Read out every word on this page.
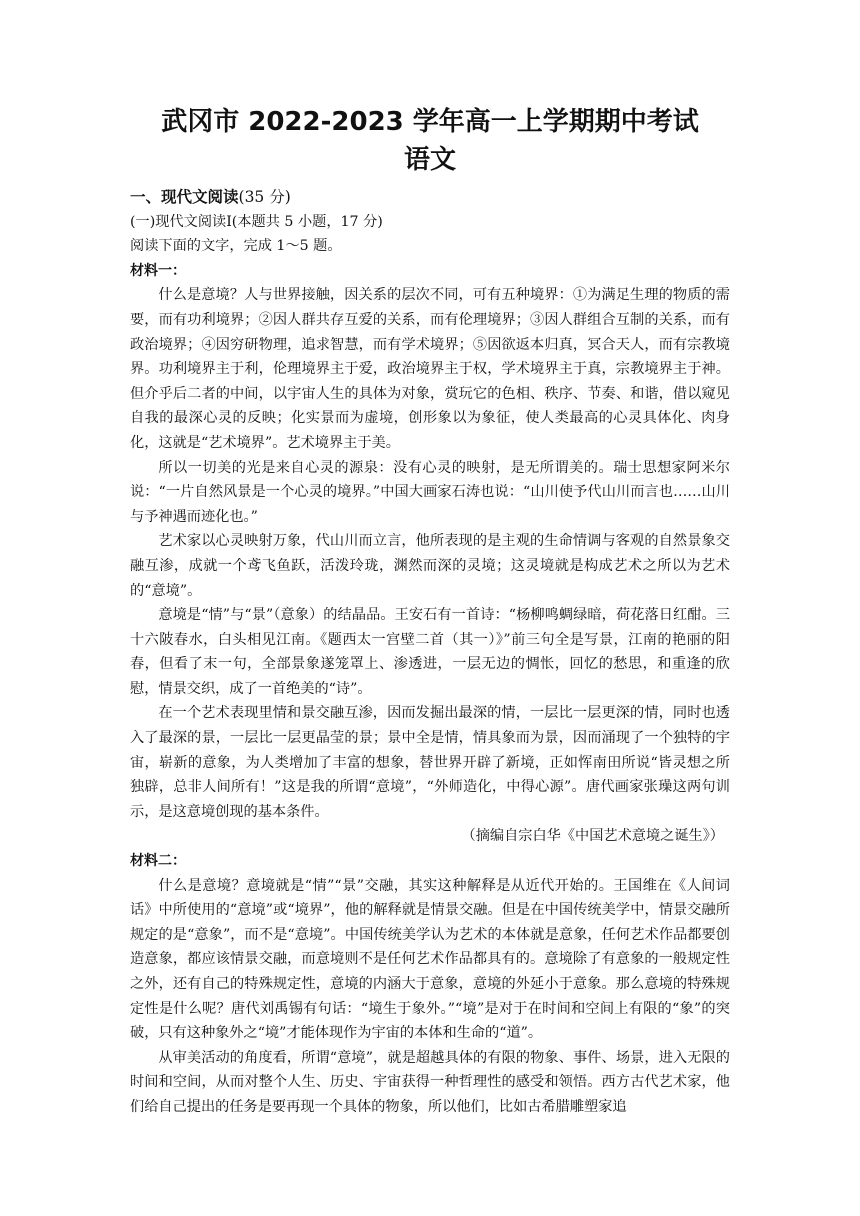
武冈市 2022-2023 学年高一上学期期中考试
语文

一、现代文阅读(35 分)

(一)现代文阅读Ⅰ(本题共 5 小题，17 分)

阅读下面的文字，完成 1～5 题。

材料一：

什么是意境？人与世界接触，因关系的层次不同，可有五种境界：①为满足生理的物质的需要，而有功利境界；②因人群共存互爱的关系，而有伦理境界；③因人群组合互制的关系，而有政治境界；④因穷研物理，追求智慧，而有学术境界；⑤因欲返本归真，冥合天人，而有宗教境界。功利境界主于利，伦理境界主于爱，政治境界主于权，学术境界主于真，宗教境界主于神。但介乎后二者的中间，以宇宙人生的具体为对象，赏玩它的色相、秩序、节奏、和谐，借以窥见自我的最深心灵的反映；化实景而为虚境，创形象以为象征，使人类最高的心灵具体化、肉身化，这就是“艺术境界”。艺术境界主于美。

所以一切美的光是来自心灵的源泉：没有心灵的映射，是无所谓美的。瑞士思想家阿米尔说：“一片自然风景是一个心灵的境界。”中国大画家石涛也说：“山川使予代山川而言也……山川与予神遇而迹化也。”

艺术家以心灵映射万象，代山川而立言，他所表现的是主观的生命情调与客观的自然景象交融互渗，成就一个鸢飞鱼跃，活泼玲珑，渊然而深的灵境；这灵境就是构成艺术之所以为艺术的“意境”。

意境是“情”与“景”（意象）的结晶品。王安石有一首诗：“杨柳鸣蜩绿暗，荷花落日红酣。三十六陂春水，白头相见江南。《题西太一宫壁二首（其一）》”前三句全是写景，江南的艳丽的阳春，但看了末一句，全部景象遂笼罩上、渗透进，一层无边的惆怅，回忆的愁思，和重逢的欣慰，情景交织，成了一首绝美的“诗”。

在一个艺术表现里情和景交融互渗，因而发掘出最深的情，一层比一层更深的情，同时也透入了最深的景，一层比一层更晶莹的景；景中全是情，情具象而为景，因而涌现了一个独特的宇宙，崭新的意象，为人类增加了丰富的想象，替世界开辟了新境，正如恽南田所说“皆灵想之所独辟，总非人间所有！”这是我的所谓“意境”，“外师造化，中得心源”。唐代画家张璪这两句训示，是这意境创现的基本条件。

（摘编自宗白华《中国艺术意境之诞生》）

材料二：

什么是意境？意境就是“情”“景”交融，其实这种解释是从近代开始的。王国维在《人间词话》中所使用的“意境”或“境界”，他的解释就是情景交融。但是在中国传统美学中，情景交融所规定的是“意象”，而不是“意境”。中国传统美学认为艺术的本体就是意象，任何艺术作品都要创造意象，都应该情景交融，而意境则不是任何艺术作品都具有的。意境除了有意象的一般规定性之外，还有自己的特殊规定性，意境的内涵大于意象，意境的外延小于意象。那么意境的特殊规定性是什么呢？唐代刘禹锡有句话：“境生于象外。”“境”是对于在时间和空间上有限的“象”的突破，只有这种象外之“境”才能体现作为宇宙的本体和生命的“道”。

从审美活动的角度看，所谓“意境”，就是超越具体的有限的物象、事件、场景，进入无限的时间和空间，从而对整个人生、历史、宇宙获得一种哲理性的感受和领悟。西方古代艺术家，他们给自己提出的任务是要再现一个具体的物象，所以他们，比如古希腊雕塑家追
